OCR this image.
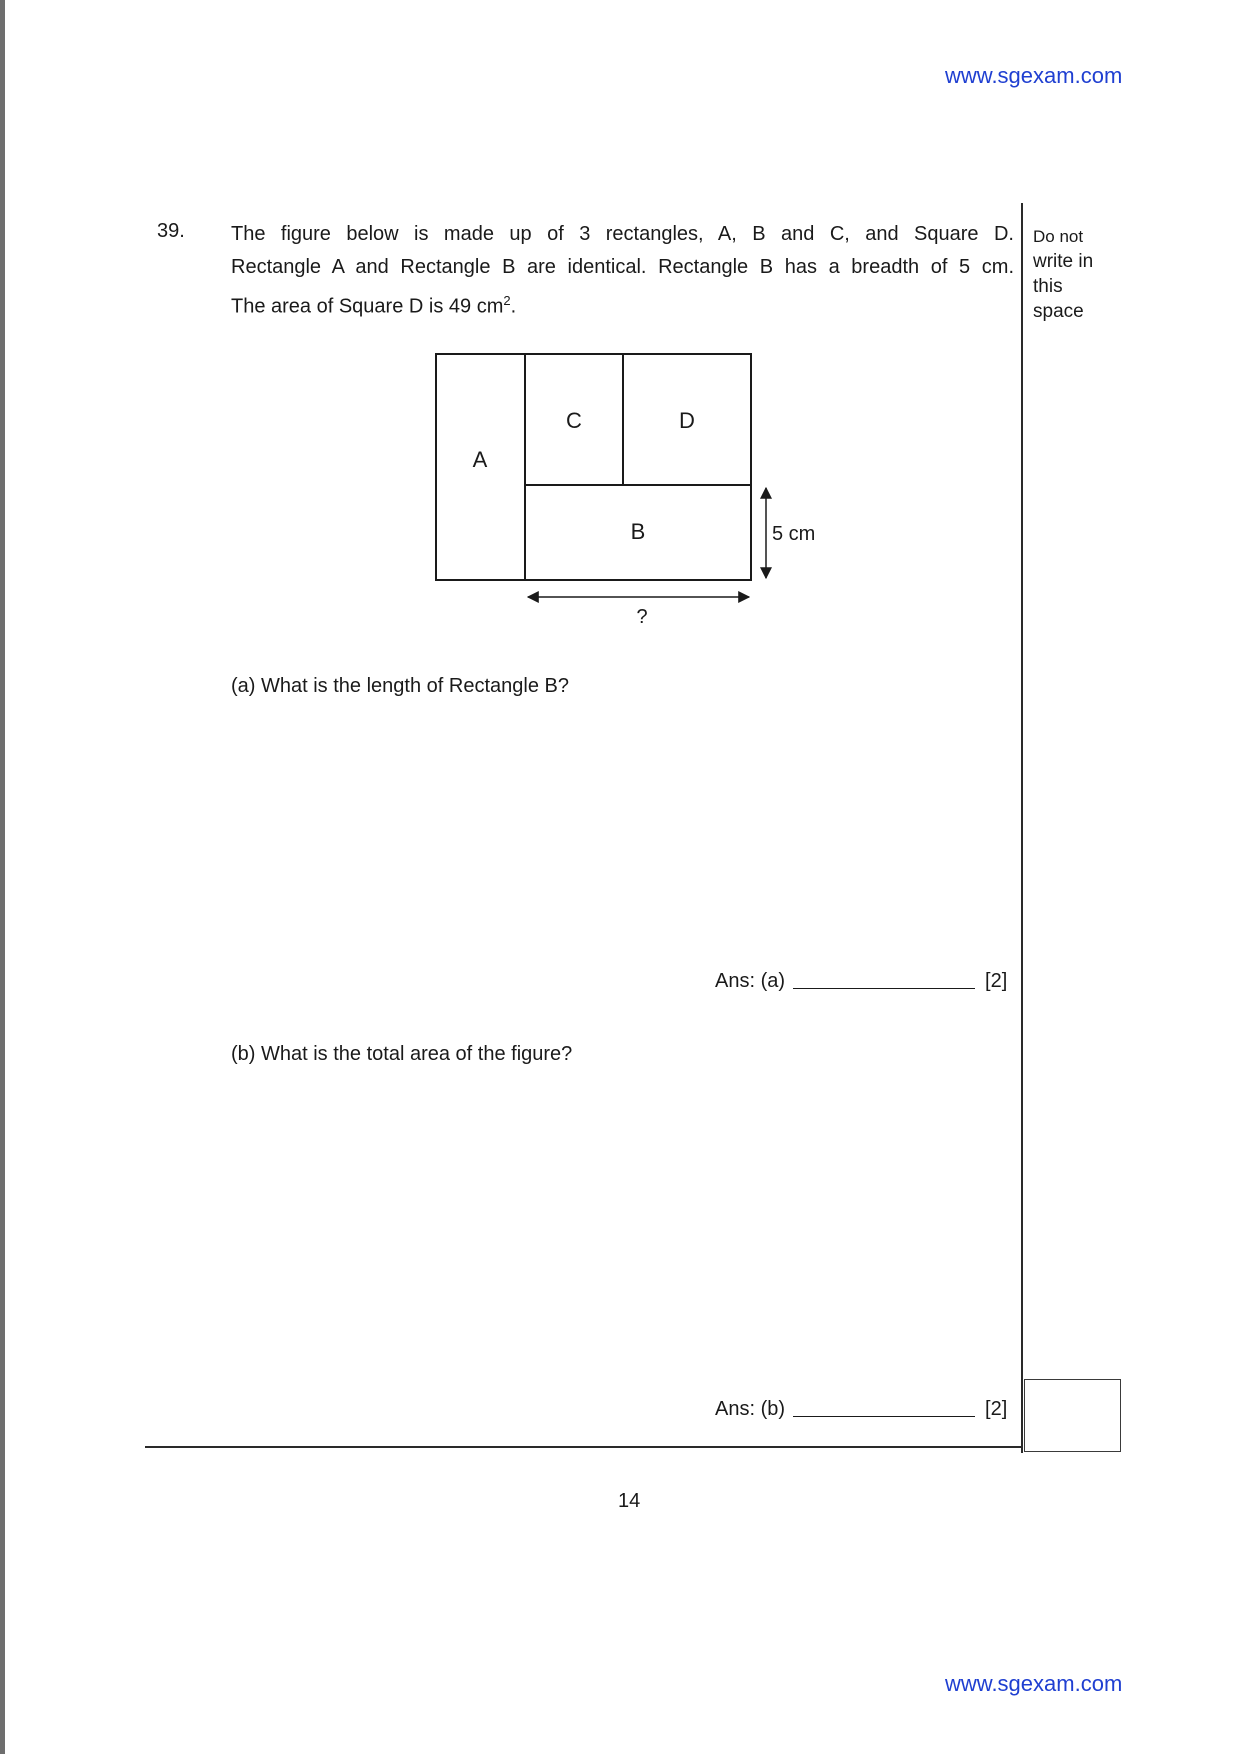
www.sgexam.com
39. The figure below is made up of 3 rectangles, A, B and C, and Square D.
Rectangle A and Rectangle B are identical. Rectangle B has a breadth of 5 cm.
The area of Square D is 49 $cm^2$.
Do not
write in
this
space
A
C	D
B	5 cm
?
(a) What is the length of Rectangle B?
Ans: (a)	[2]
(b) What is the total area of the figure?
Ans: (b)	[2]
14
www.sgexam.com
